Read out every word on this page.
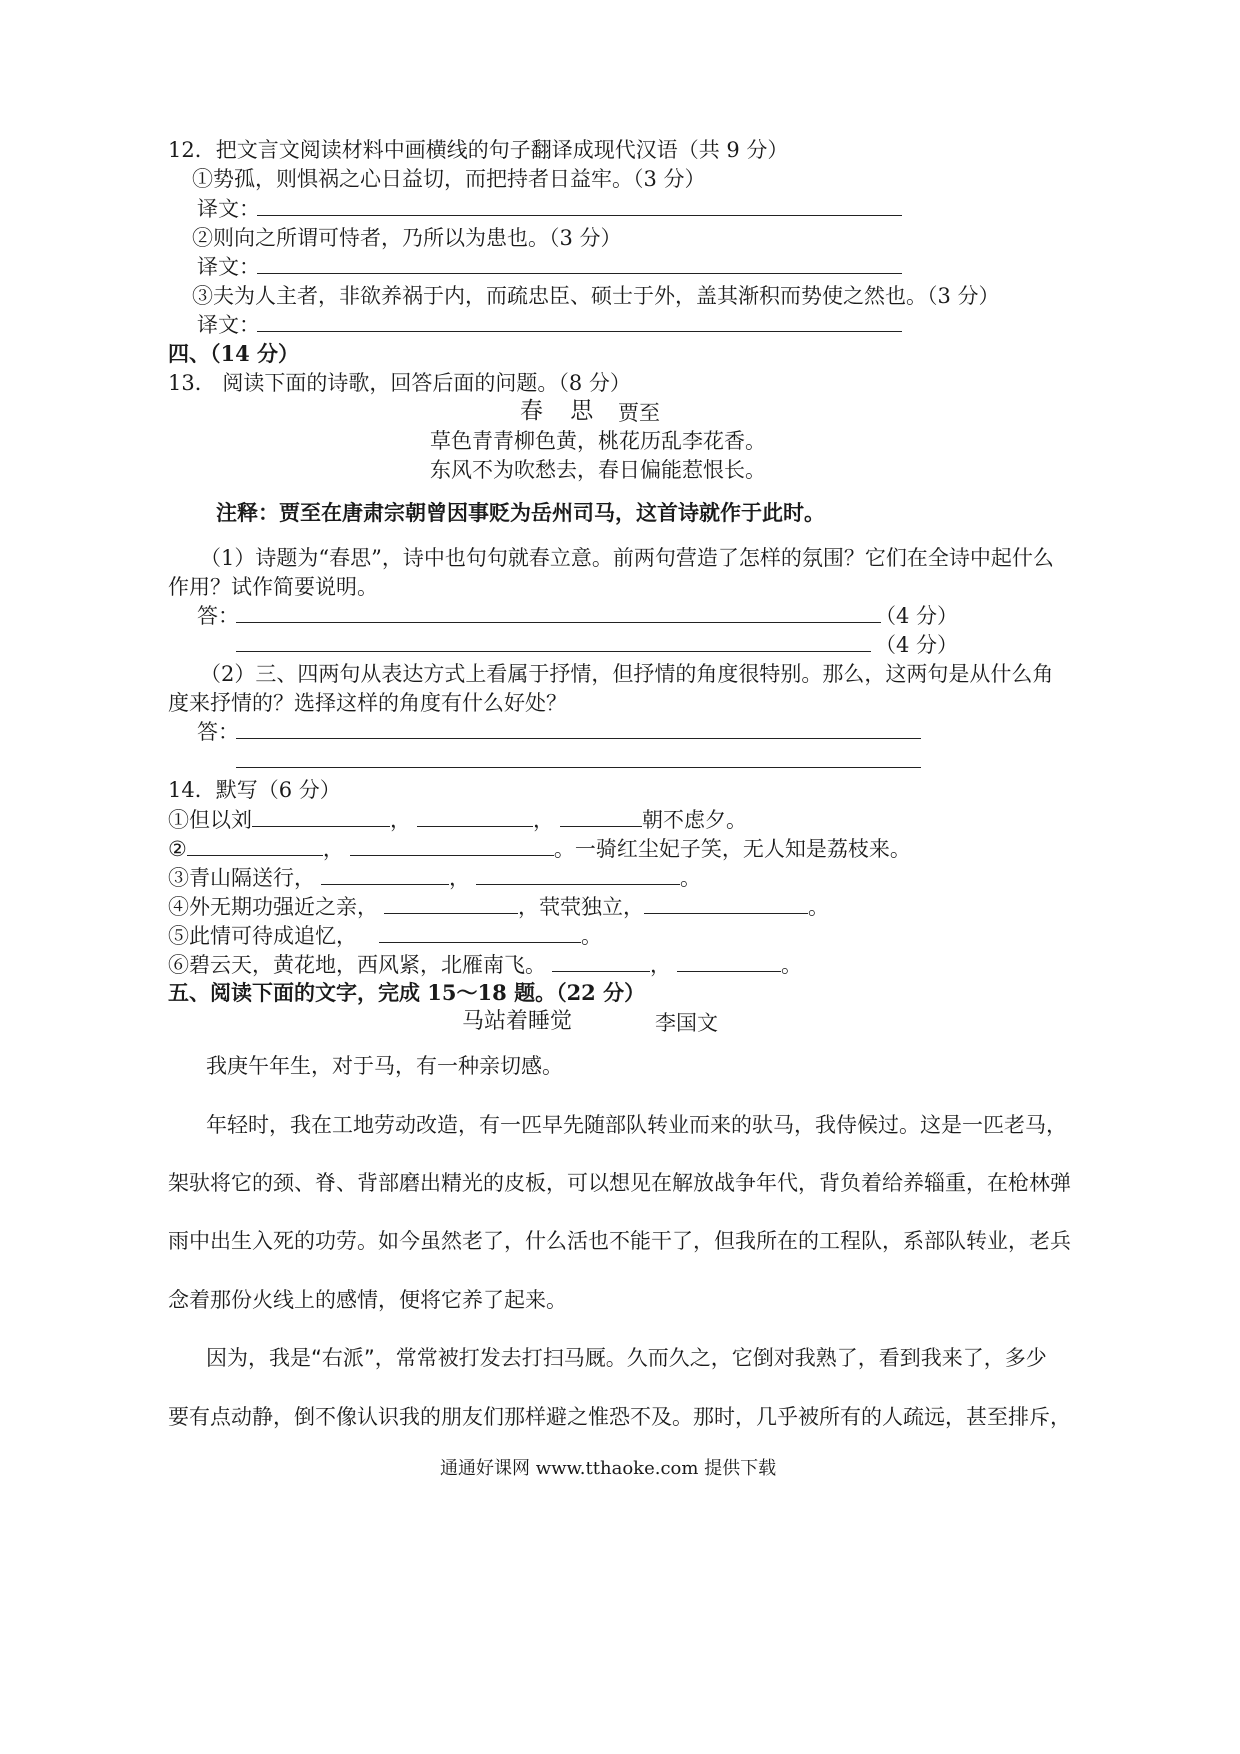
12．把文言文阅读材料中画横线的句子翻译成现代汉语（共 9 分）
①势孤，则惧祸之心日益切，而把持者日益牢。（3 分）
译文：
②则向之所谓可恃者，乃所以为患也。（3 分）
译文：
③夫为人主者，非欲养祸于内，而疏忠臣、硕士于外，盖其渐积而势使之然也。（3 分）
译文：
四、（14 分）
13． 阅读下面的诗歌，回答后面的问题。（8 分）
春 思 贾至
草色青青柳色黄，桃花历乱李花香。
东风不为吹愁去，春日偏能惹恨长。
注释：贾至在唐肃宗朝曾因事贬为岳州司马，这首诗就作于此时。
（1）诗题为“春思”，诗中也句句就春立意。前两句营造了怎样的氛围？它们在全诗中起什么
作用？试作简要说明。
答：	（4 分）
（4 分）
（2）三、四两句从表达方式上看属于抒情，但抒情的角度很特别。那么，这两句是从什么角
度来抒情的？选择这样的角度有什么好处？
答：
14．默写（6 分）
①但以刘	，	，	朝不虑夕。
②	，	。一骑红尘妃子笑，无人知是荔枝来。
③青山隔送行，	，	。
④外无期功强近之亲，	，茕茕独立，	。
⑤此情可待成追忆，	。
⑥碧云天，黄花地，西风紧，北雁南飞。	，	。
五、阅读下面的文字，完成 15～18 题。（22 分）
马站着睡觉	李国文
我庚午年生，对于马，有一种亲切感。
年轻时，我在工地劳动改造，有一匹早先随部队转业而来的驮马，我侍候过。这是一匹老马，
架驮将它的颈、脊、背部磨出精光的皮板，可以想见在解放战争年代，背负着给养辎重，在枪林弹
雨中出生入死的功劳。如今虽然老了，什么活也不能干了，但我所在的工程队，系部队转业，老兵
念着那份火线上的感情，便将它养了起来。
因为，我是“右派”，常常被打发去打扫马厩。久而久之，它倒对我熟了，看到我来了，多少
要有点动静，倒不像认识我的朋友们那样避之惟恐不及。那时，几乎被所有的人疏远，甚至排斥，
通通好课网 www.tthaoke.com 提供下载
